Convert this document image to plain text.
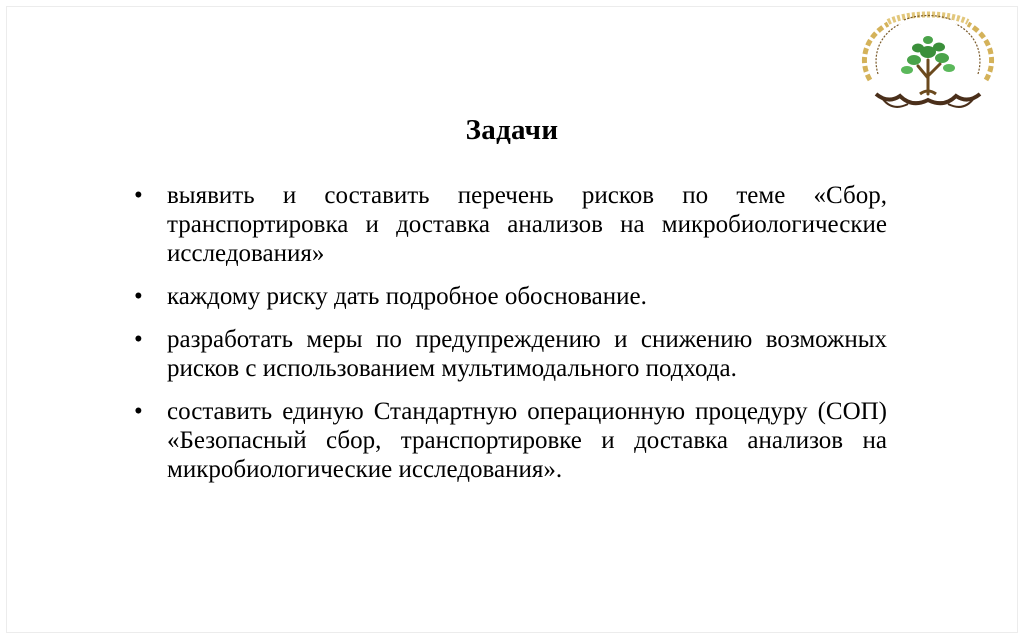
Задачи
• выявить и составить перечень рисков по теме «Сбор, транспортировка и доставка анализов на микробиологические исследования»
• каждому риску дать подробное обоснование.
• разработать меры по предупреждению и снижению возможных рисков с использованием мультимодального подхода.
• составить единую Стандартную операционную процедуру (СОП) «Безопасный сбор, транспортировке и доставка анализов на микробиологические исследования».
